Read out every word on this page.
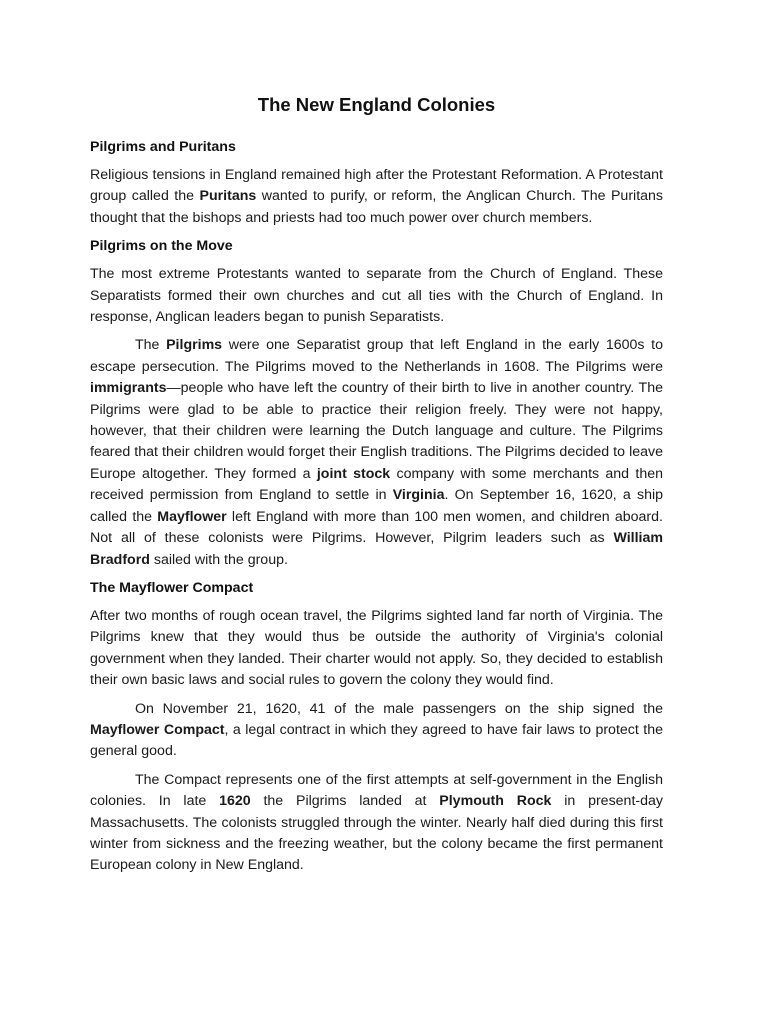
The New England Colonies
Pilgrims and Puritans

Religious tensions in England remained high after the Protestant Reformation. A Protestant group called the Puritans wanted to purify, or reform, the Anglican Church. The Puritans thought that the bishops and priests had too much power over church members.

Pilgrims on the Move

The most extreme Protestants wanted to separate from the Church of England. These Separatists formed their own churches and cut all ties with the Church of England. In response, Anglican leaders began to punish Separatists.

The Pilgrims were one Separatist group that left England in the early 1600s to escape persecution. The Pilgrims moved to the Netherlands in 1608. The Pilgrims were immigrants—people who have left the country of their birth to live in another country. The Pilgrims were glad to be able to practice their religion freely. They were not happy, however, that their children were learning the Dutch language and culture. The Pilgrims feared that their children would forget their English traditions. The Pilgrims decided to leave Europe altogether. They formed a joint stock company with some merchants and then received permission from England to settle in Virginia. On September 16, 1620, a ship called the Mayflower left England with more than 100 men women, and children aboard. Not all of these colonists were Pilgrims. However, Pilgrim leaders such as William Bradford sailed with the group.

The Mayflower Compact

After two months of rough ocean travel, the Pilgrims sighted land far north of Virginia. The Pilgrims knew that they would thus be outside the authority of Virginia's colonial government when they landed. Their charter would not apply. So, they decided to establish their own basic laws and social rules to govern the colony they would find.

On November 21, 1620, 41 of the male passengers on the ship signed the Mayflower Compact, a legal contract in which they agreed to have fair laws to protect the general good.

The Compact represents one of the first attempts at self-government in the English colonies. In late 1620 the Pilgrims landed at Plymouth Rock in present-day Massachusetts. The colonists struggled through the winter. Nearly half died during this first winter from sickness and the freezing weather, but the colony became the first permanent European colony in New England.
